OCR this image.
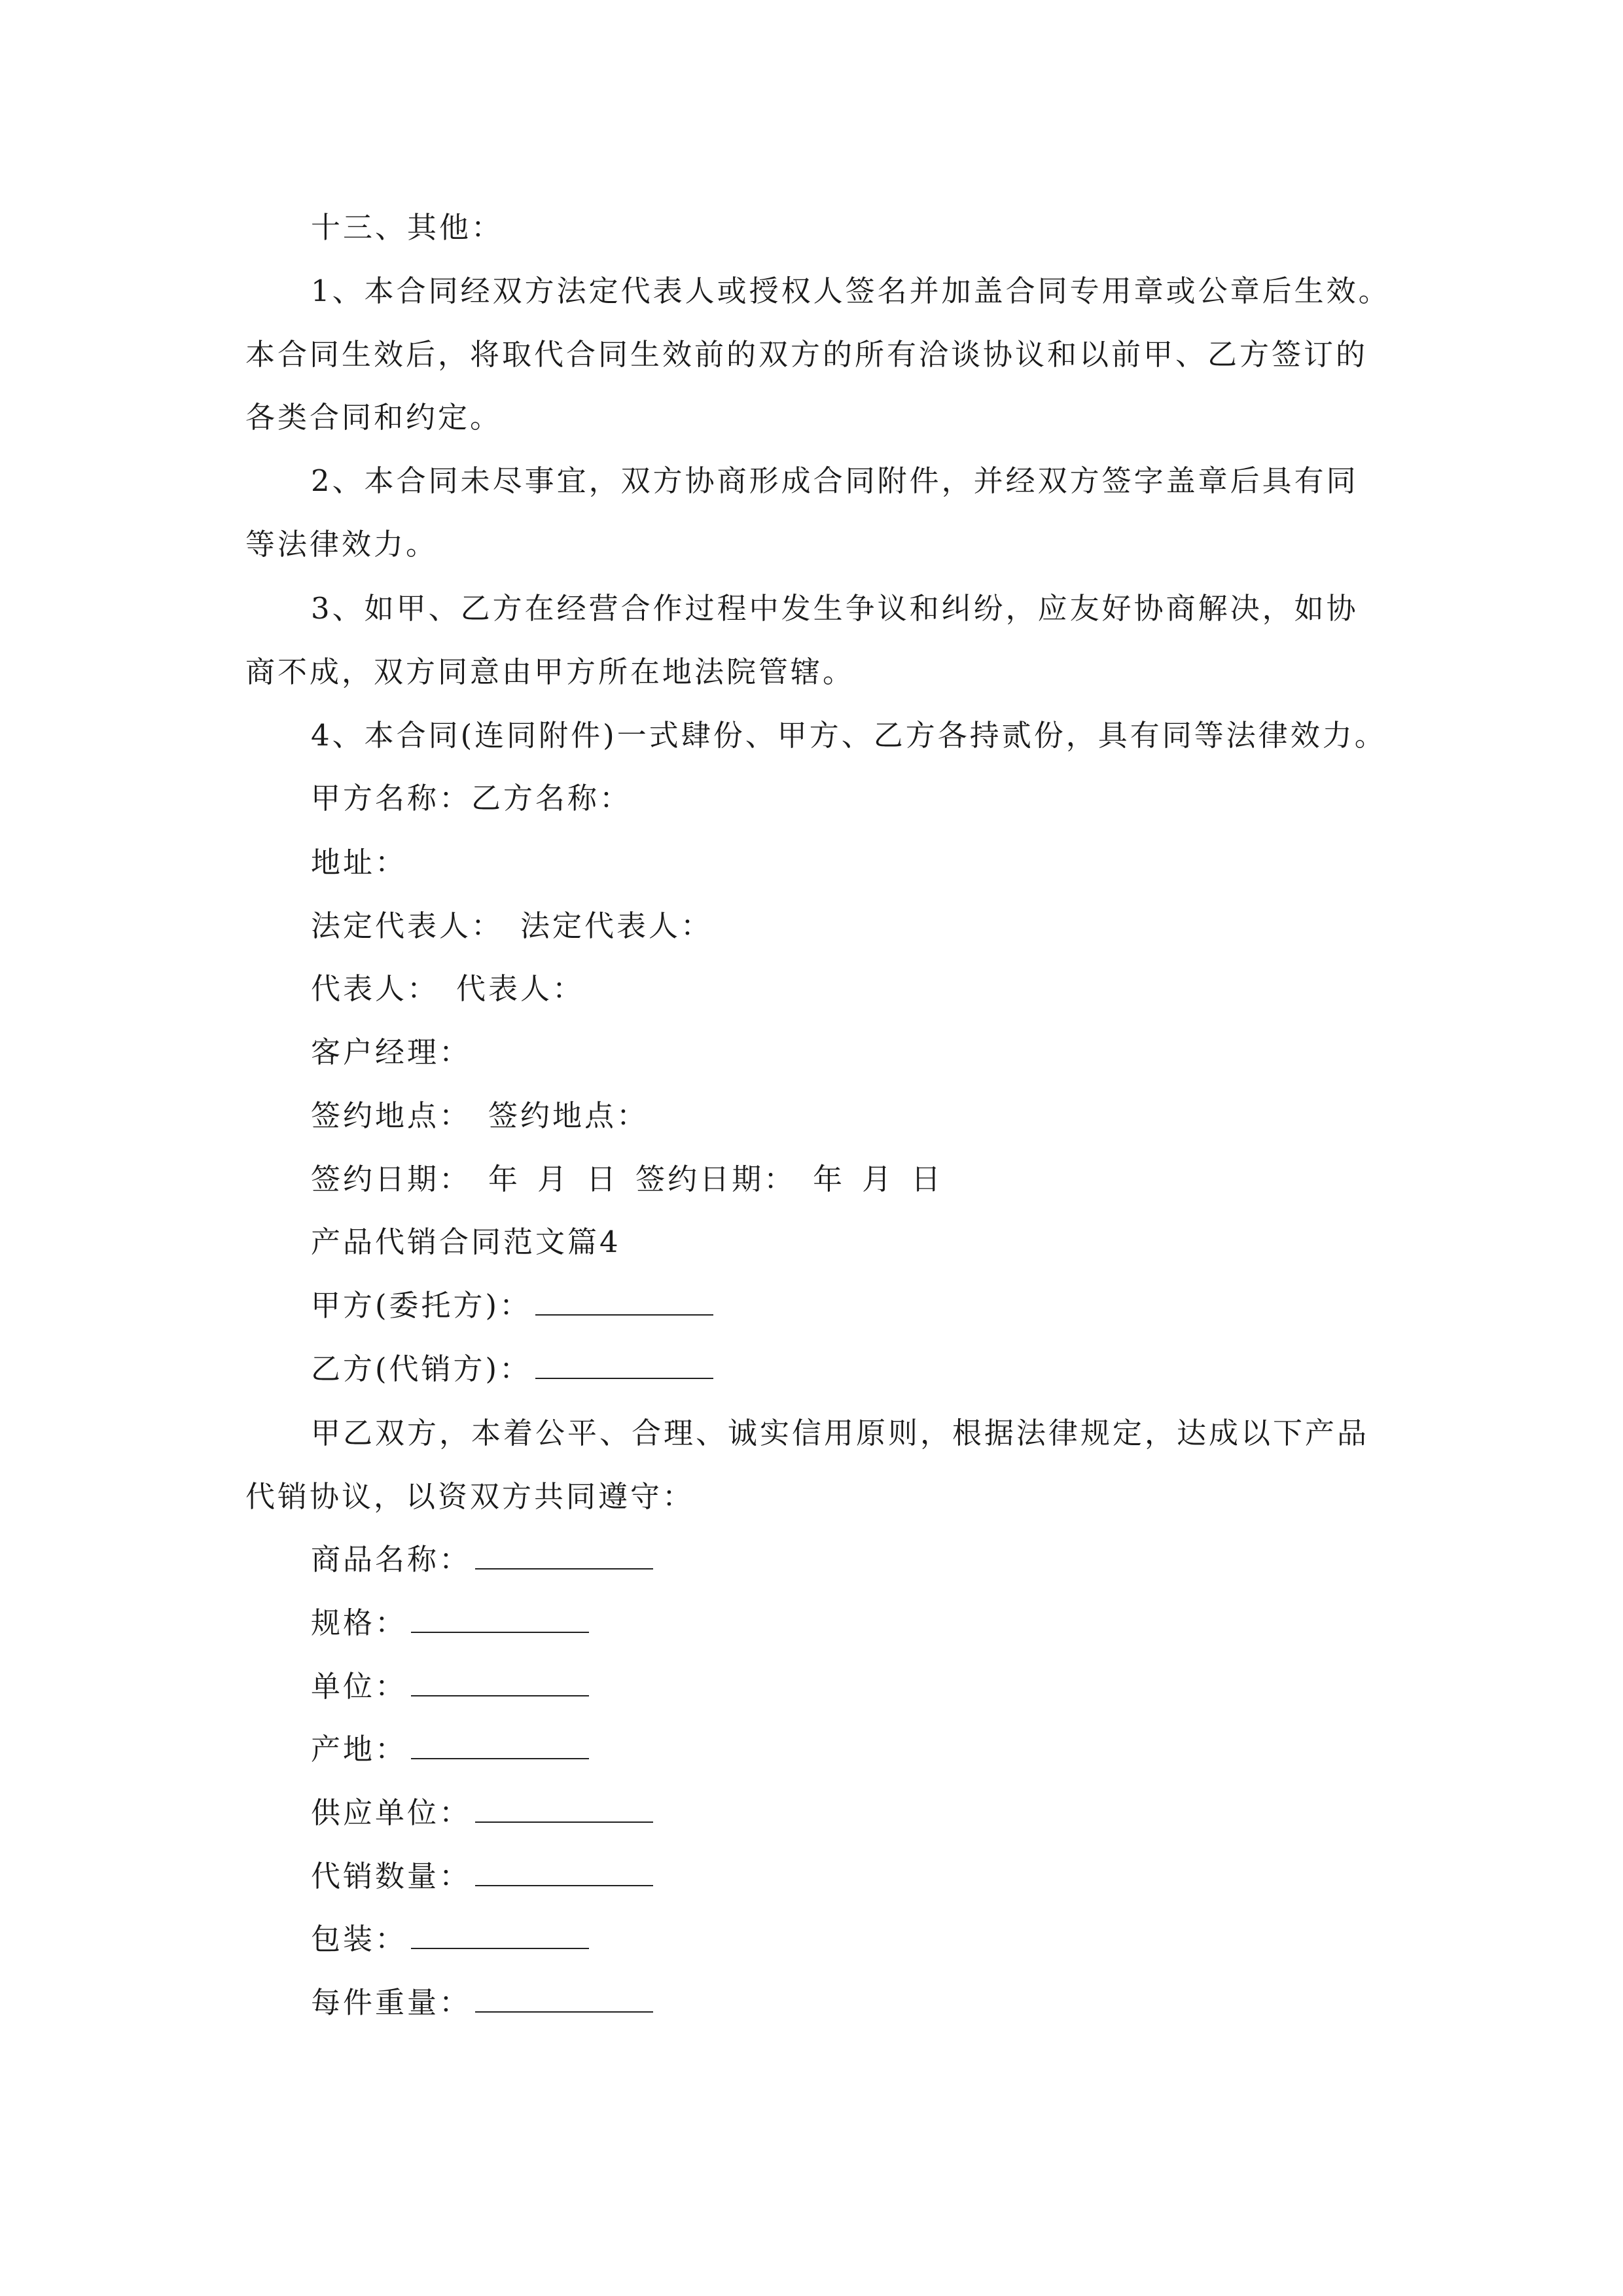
十三、其他：
1、本合同经双方法定代表人或授权人签名并加盖合同专用章或公章后生效。
本合同生效后，将取代合同生效前的双方的所有洽谈协议和以前甲、乙方签订的
各类合同和约定。
2、本合同未尽事宜，双方协商形成合同附件，并经双方签字盖章后具有同
等法律效力。
3、如甲、乙方在经营合作过程中发生争议和纠纷，应友好协商解决，如协
商不成，双方同意由甲方所在地法院管辖。
4、本合同(连同附件)一式肆份、甲方、乙方各持贰份，具有同等法律效力。
甲方名称：乙方名称：
地址：
法定代表人： 法定代表人：
代表人： 代表人：
客户经理：
签约地点： 签约地点：
签约日期： 年 月 日 签约日期： 年 月 日
产品代销合同范文篇4
甲方(委托方)：
乙方(代销方)：
甲乙双方，本着公平、合理、诚实信用原则，根据法律规定，达成以下产品
代销协议，以资双方共同遵守：
商品名称：
规格：
单位：
产地：
供应单位：
代销数量：
包装：
每件重量：
